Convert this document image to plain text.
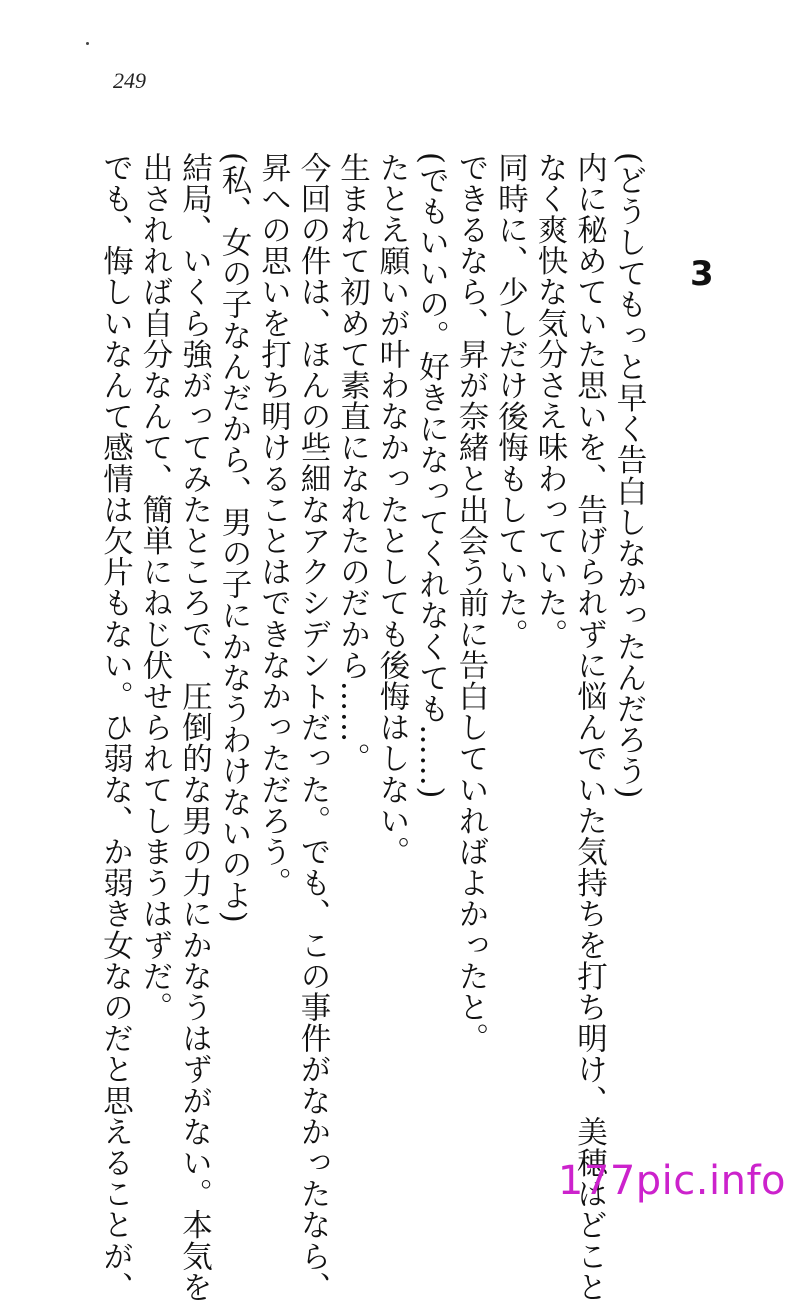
249
3
(どうしてもっと早く告白しなかったんだろう)
内に秘めていた思いを、告げられずに悩んでいた気持ちを打ち明け、美穂はどこと
なく爽快な気分さえ味わっていた。
同時に、少しだけ後悔もしていた。
できるなら、昇が奈緒と出会う前に告白していればよかったと。
(でもいいの。好きになってくれなくても……)
たとえ願いが叶わなかったとしても後悔はしない。
生まれて初めて素直になれたのだから……。
今回の件は、ほんの些細なアクシデントだった。でも、この事件がなかったなら、
昇への思いを打ち明けることはできなかっただろう。
(私、女の子なんだから、男の子にかなうわけないのよ)
結局、いくら強がってみたところで、圧倒的な男の力にかなうはずがない。本気を
出されれば自分なんて、簡単にねじ伏せられてしまうはずだ。
でも、悔しいなんて感情は欠片もない。ひ弱な、か弱き女なのだと思えることが、	177pic.info
